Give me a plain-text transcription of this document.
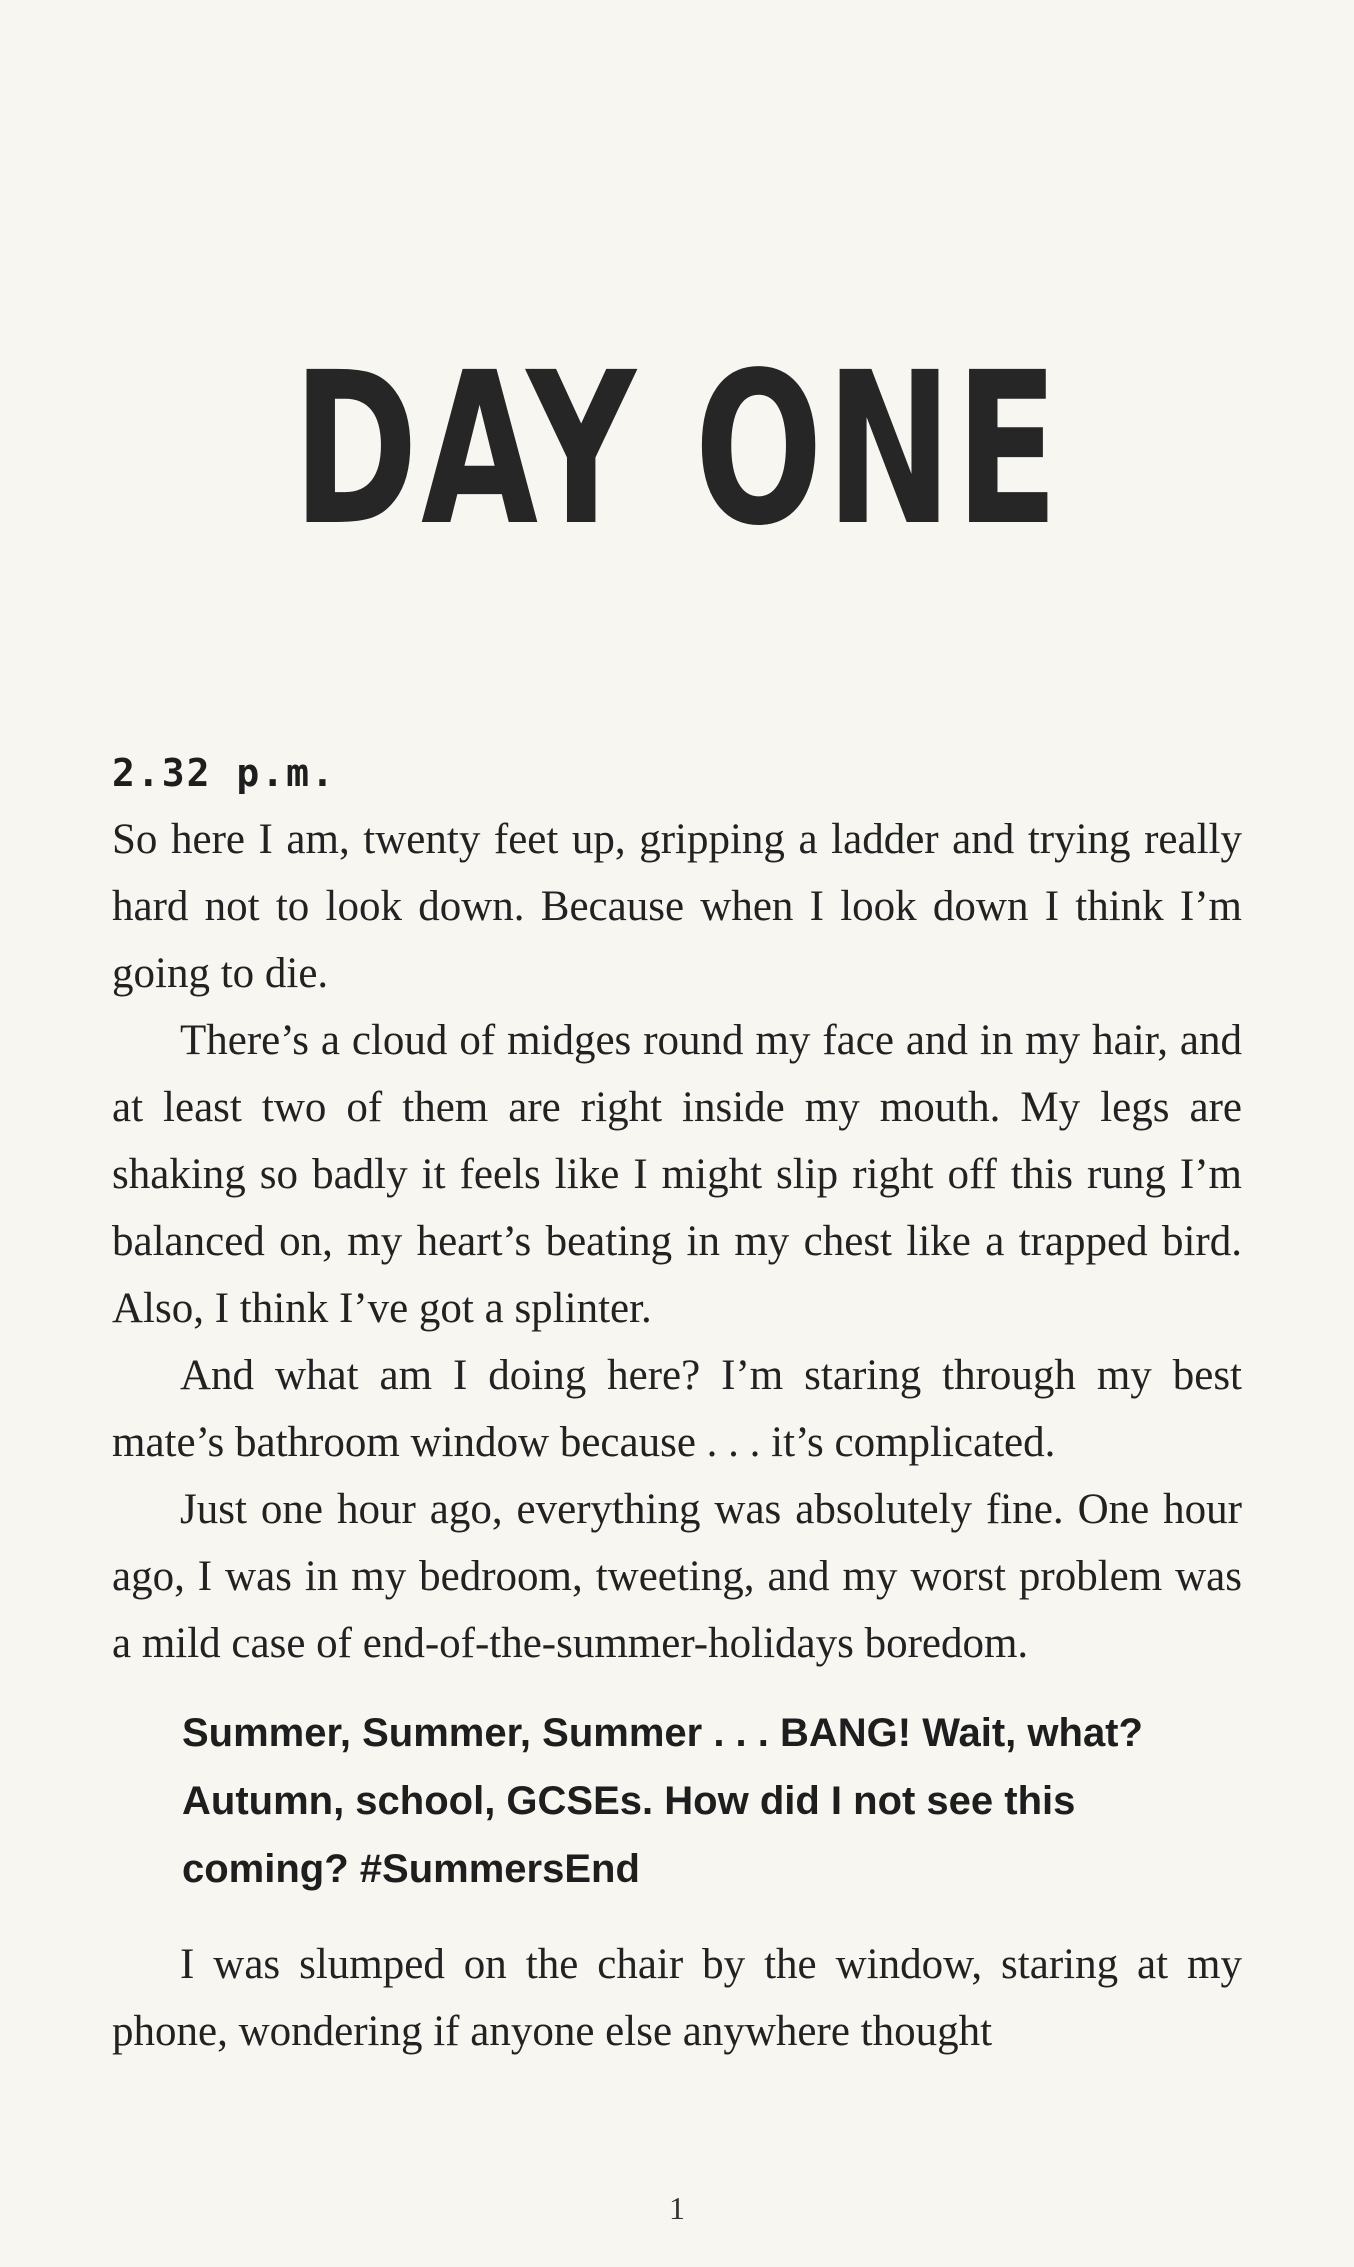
DAY ONE

2.32 p.m.

So here I am, twenty feet up, gripping a ladder and trying really hard not to look down. Because when I look down I think I’m going to die.

There’s a cloud of midges round my face and in my hair, and at least two of them are right inside my mouth. My legs are shaking so badly it feels like I might slip right off this rung I’m balanced on, my heart’s beating in my chest like a trapped bird. Also, I think I’ve got a splinter.

And what am I doing here? I’m staring through my best mate’s bathroom window because . . . it’s complicated.

Just one hour ago, everything was absolutely fine. One hour ago, I was in my bedroom, tweeting, and my worst problem was a mild case of end-of-the-summer-holidays boredom.

Summer, Summer, Summer . . . BANG! Wait, what? Autumn, school, GCSEs. How did I not see this coming? #SummersEnd

I was slumped on the chair by the window, staring at my phone, wondering if anyone else anywhere thought

1
